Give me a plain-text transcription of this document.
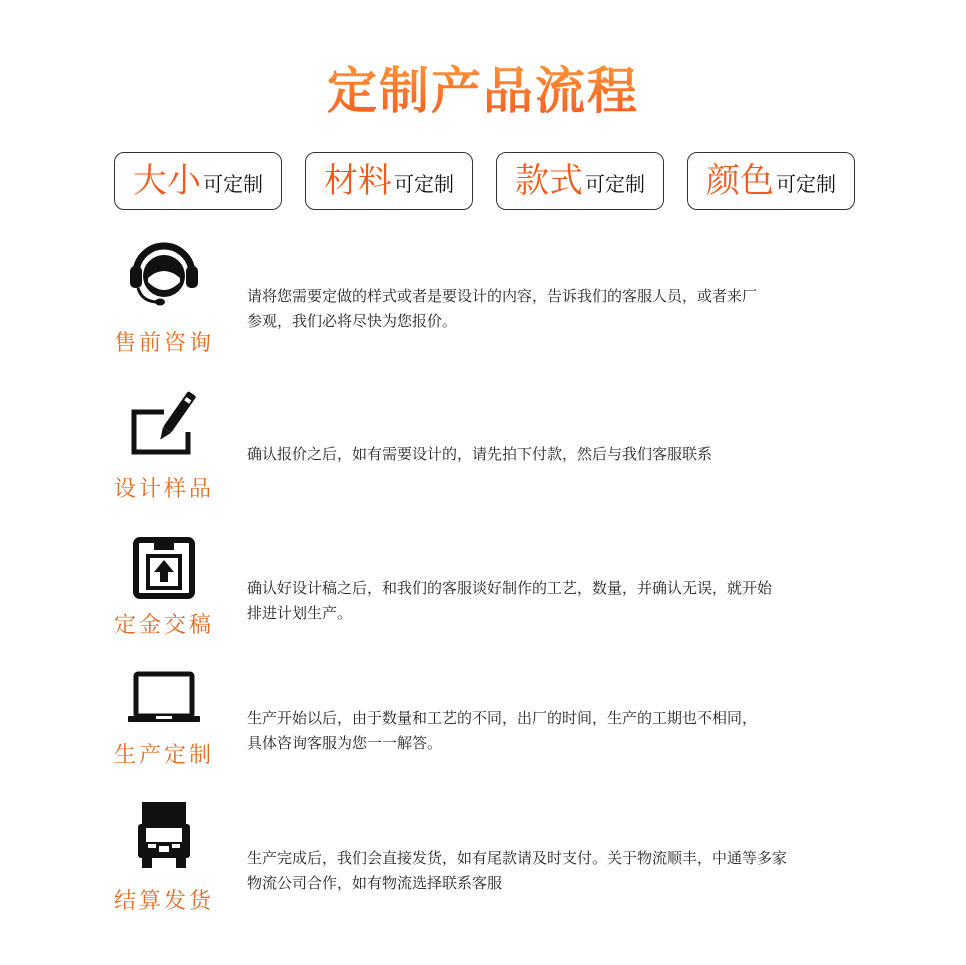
定制产品流程
大小 可定制 材料 可定制 款式 可定制 颜色 可定制
售前咨询

请将您需要定做的样式或者是要设计的内容，告诉我们的客服人员，或者来厂

参观，我们必将尽快为您报价。

设计样品

确认报价之后，如有需要设计的，请先拍下付款，然后与我们客服联系

定金交稿

确认好设计稿之后，和我们的客服谈好制作的工艺，数量，并确认无误，就开始

排进计划生产。

生产定制

生产开始以后，由于数量和工艺的不同，出厂的时间，生产的工期也不相同，

具体咨询客服为您一一解答。

结算发货

生产完成后，我们会直接发货，如有尾款请及时支付。关于物流顺丰，中通等多家

物流公司合作，如有物流选择联系客服
